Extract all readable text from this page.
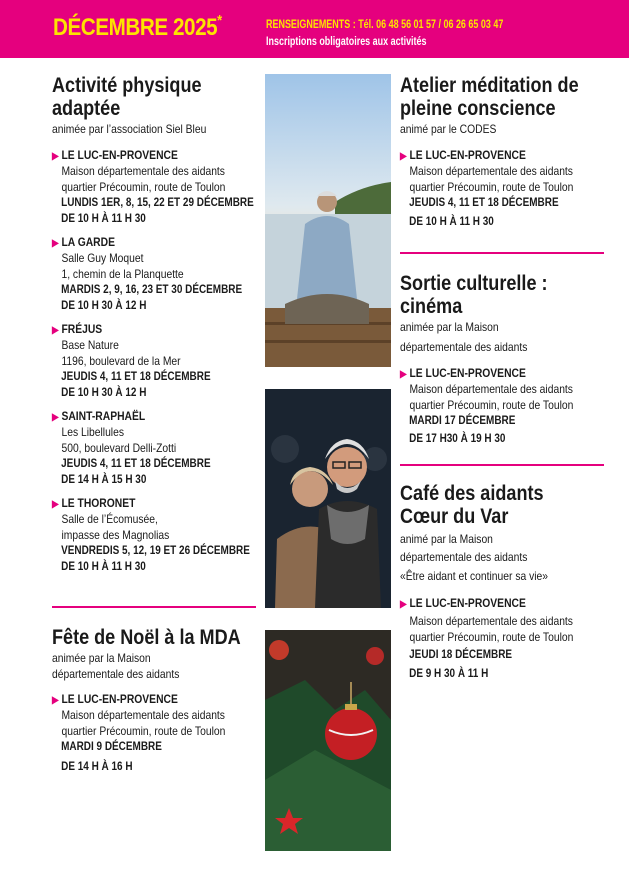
DÉCEMBRE 2025*	RENSEIGNEMENTS : Tél. 06 48 56 01 57 / 06 26 65 03 47
Inscriptions obligatoires aux activités
Activité physique
adaptée
animée par l’association Siel Bleu
▶ LE LUC-EN-PROVENCE
Maison départementale des aidants
quartier Précoumin, route de Toulon
LUNDIS 1ER, 8, 15, 22 ET 29 DÉCEMBRE
DE 10 H À 11 H 30
▶ LA GARDE
Salle Guy Moquet
1, chemin de la Planquette
MARDIS 2, 9, 16, 23 ET 30 DÉCEMBRE
DE 10 H 30 À 12 H
▶ FRÉJUS
Base Nature
1196, boulevard de la Mer
JEUDIS 4, 11 ET 18 DÉCEMBRE
DE 10 H 30 À 12 H
▶ SAINT-RAPHAËL
Les Libellules
500, boulevard Delli-Zotti
JEUDIS 4, 11 ET 18 DÉCEMBRE
DE 14 H À 15 H 30
▶ LE THORONET
Salle de l’Écomusée,
impasse des Magnolias
VENDREDIS 5, 12, 19 ET 26 DÉCEMBRE
DE 10 H À 11 H 30
Fête de Noël à la MDA
animée par la Maison
départementale des aidants
▶ LE LUC-EN-PROVENCE
Maison départementale des aidants
quartier Précoumin, route de Toulon
MARDI 9 DÉCEMBRE
DE 14 H À 16 H
Atelier méditation de
pleine conscience
animé par le CODES
▶ LE LUC-EN-PROVENCE
Maison départementale des aidants
quartier Précoumin, route de Toulon
JEUDIS 4, 11 ET 18 DÉCEMBRE
DE 10 H À 11 H 30
Sortie culturelle :
cinéma
animée par la Maison
départementale des aidants
▶ LE LUC-EN-PROVENCE
Maison départementale des aidants
quartier Précoumin, route de Toulon
MARDI 17 DÉCEMBRE
DE 17 H30 À 19 H 30
Café des aidants
Cœur du Var
animé par la Maison
départementale des aidants
«Être aidant et continuer sa vie»
▶ LE LUC-EN-PROVENCE
Maison départementale des aidants
quartier Précoumin, route de Toulon
JEUDI 18 DÉCEMBRE
DE 9 H 30 À 11 H
